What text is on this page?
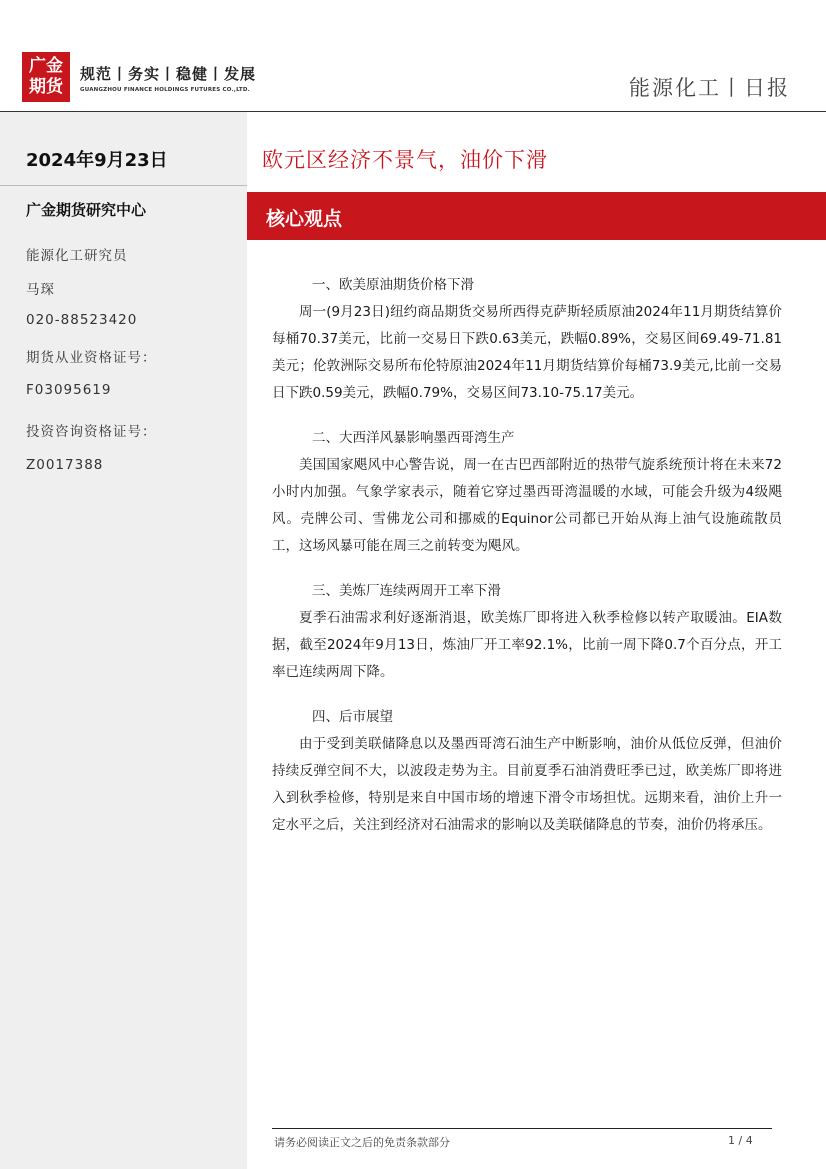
广金
期货
规范丨务实丨稳健丨发展
GUANGZHOU FINANCE HOLDINGS FUTURES CO.,LTD.	能源化工丨日报
2024年9月23日
广金期货研究中心
能源化工研究员
马琛
020-88523420
期货从业资格证号：
F03095619
投资咨询资格证号：
Z0017388
欧元区经济不景气，油价下滑
核心观点
一、欧美原油期货价格下滑
周一(9月23日)纽约商品期货交易所西得克萨斯轻质原油2024年11月期货结算价每桶70.37美元，比前一交易日下跌0.63美元，跌幅0.89%，交易区间69.49-71.81美元；伦敦洲际交易所布伦特原油2024年11月期货结算价每桶73.9美元,比前一交易日下跌0.59美元，跌幅0.79%，交易区间73.10-75.17美元。
二、大西洋风暴影响墨西哥湾生产
美国国家飓风中心警告说，周一在古巴西部附近的热带气旋系统预计将在未来72小时内加强。气象学家表示，随着它穿过墨西哥湾温暖的水域，可能会升级为4级飓风。壳牌公司、雪佛龙公司和挪威的Equinor公司都已开始从海上油气设施疏散员工，这场风暴可能在周三之前转变为飓风。
三、美炼厂连续两周开工率下滑
夏季石油需求利好逐渐消退，欧美炼厂即将进入秋季检修以转产取暖油。EIA数据，截至2024年9月13日，炼油厂开工率92.1%，比前一周下降0.7个百分点，开工率已连续两周下降。
四、后市展望
由于受到美联储降息以及墨西哥湾石油生产中断影响，油价从低位反弹，但油价持续反弹空间不大，以波段走势为主。目前夏季石油消费旺季已过，欧美炼厂即将进入到秋季检修，特别是来自中国市场的增速下滑令市场担忧。远期来看，油价上升一定水平之后，关注到经济对石油需求的影响以及美联储降息的节奏，油价仍将承压。
请务必阅读正文之后的免责条款部分	1 / 4
